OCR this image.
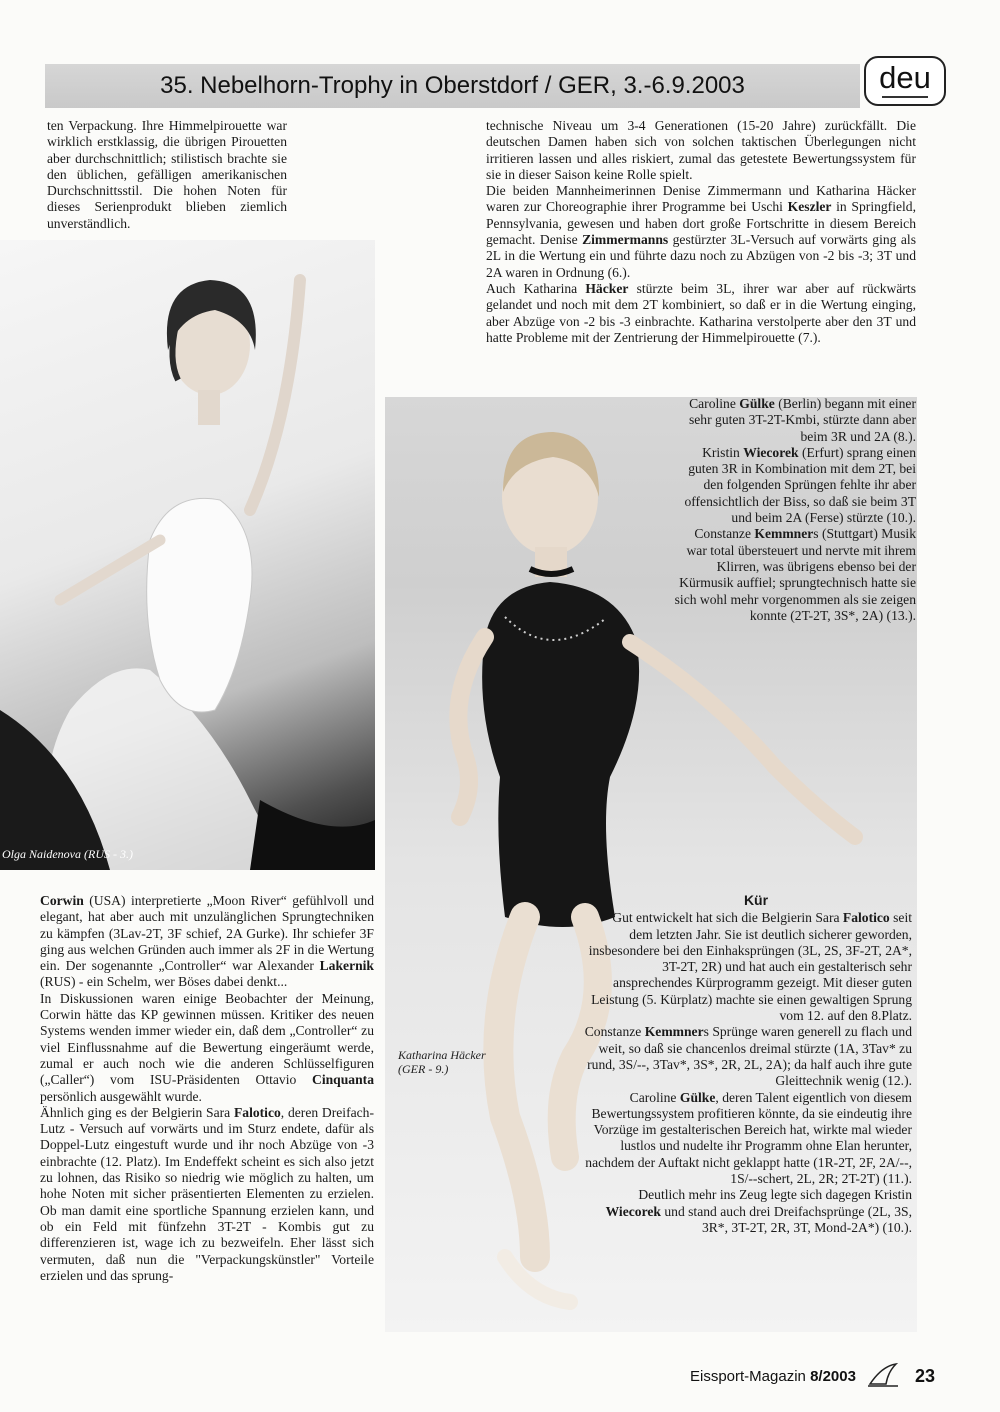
35. Nebelhorn-Trophy in Oberstdorf / GER, 3.-6.9.2003	deu
Olga Naidenova (RUS - 3.)
Katharina Häcker (GER - 9.)

ten Verpackung. Ihre Himmelpirouette war wirklich erstklassig, die übrigen Pirouetten aber durchschnittlich; stilistisch brachte sie den üblichen, gefälligen amerikanischen Durchschnittsstil. Die hohen Noten für dieses Serienprodukt blieben ziemlich unverständlich.

technische Niveau um 3-4 Generationen (15-20 Jahre) zurückfällt. Die deutschen Damen haben sich von solchen taktischen Überlegungen nicht irritieren lassen und alles riskiert, zumal das getestete Bewertungssystem für sie in dieser Saison keine Rolle spielt.

Die beiden Mannheimerinnen Denise Zimmermann und Katharina Häcker waren zur Choreographie ihrer Programme bei Uschi Keszler in Springfield, Pennsylvania, gewesen und haben dort große Fortschritte in diesem Bereich gemacht. Denise Zimmermanns gestürzter 3L-Versuch auf vorwärts ging als 2L in die Wertung ein und führte dazu noch zu Abzügen von -2 bis -3; 3T und 2A waren in Ordnung (6.).

Auch Katharina Häcker stürzte beim 3L, ihrer war aber auf rückwärts gelandet und noch mit dem 2T kombiniert, so daß er in die Wertung einging, aber Abzüge von -2 bis -3 einbrachte. Katharina verstolperte aber den 3T und hatte Probleme mit der Zentrierung der Himmelpirouette (7.).

Caroline Gülke (Berlin) begann mit einer sehr guten 3T-2T-Kmbi, stürzte dann aber beim 3R und 2A (8.).

Kristin Wiecorek (Erfurt) sprang einen guten 3R in Kombination mit dem 2T, bei den folgenden Sprüngen fehlte ihr aber offensichtlich der Biss, so daß sie beim 3T und beim 2A (Ferse) stürzte (10.).

Constanze Kemmners (Stuttgart) Musik war total übersteuert und nervte mit ihrem Klirren, was übrigens ebenso bei der Kürmusik auffiel; sprungtechnisch hatte sie sich wohl mehr vorgenommen als sie zeigen konnte (2T-2T, 3S*, 2A) (13.).

Corwin (USA) interpretierte „Moon River“ gefühlvoll und elegant, hat aber auch mit unzulänglichen Sprungtechniken zu kämpfen (3Lav-2T, 3F schief, 2A Gurke). Ihr schiefer 3F ging aus welchen Gründen auch immer als 2F in die Wertung ein. Der sogenannte „Controller“ war Alexander Lakernik (RUS) - ein Schelm, wer Böses dabei denkt...

In Diskussionen waren einige Beobachter der Meinung, Corwin hätte das KP gewinnen müssen. Kritiker des neuen Systems wenden immer wieder ein, daß dem „Controller“ zu viel Einflussnahme auf die Bewertung eingeräumt werde, zumal er auch noch wie die anderen Schlüsselfiguren („Caller“) vom ISU-Präsidenten Ottavio Cinquanta persönlich ausgewählt wurde.

Ähnlich ging es der Belgierin Sara Falotico, deren Dreifach-Lutz - Versuch auf vorwärts und im Sturz endete, dafür als Doppel-Lutz eingestuft wurde und ihr noch Abzüge von -3 einbrachte (12. Platz). Im Endeffekt scheint es sich also jetzt zu lohnen, das Risiko so niedrig wie möglich zu halten, um hohe Noten mit sicher präsentierten Elementen zu erzielen. Ob man damit eine sportliche Spannung erzielen kann, und ob ein Feld mit fünfzehn 3T-2T - Kombis gut zu differenzieren ist, wage ich zu bezweifeln. Eher lässt sich vermuten, daß nun die "Verpackungskünstler" Vorteile erzielen und das sprung-

Kür

Gut entwickelt hat sich die Belgierin Sara Falotico seit dem letzten Jahr. Sie ist deutlich sicherer geworden, insbesondere bei den Einhaksprüngen (3L, 2S, 3F-2T, 2A*, 3T-2T, 2R) und hat auch ein gestalterisch sehr ansprechendes Kürprogramm gezeigt. Mit dieser guten Leistung (5. Kürplatz) machte sie einen gewaltigen Sprung vom 12. auf den 8.Platz.

Constanze Kemmners Sprünge waren generell zu flach und weit, so daß sie chancenlos dreimal stürzte (1A, 3Tav* zu rund, 3S/--, 3Tav*, 3S*, 2R, 2L, 2A); da half auch ihre gute Gleittechnik wenig (12.).

Caroline Gülke, deren Talent eigentlich von diesem Bewertungssystem profitieren könnte, da sie eindeutig ihre Vorzüge im gestalterischen Bereich hat, wirkte mal wieder lustlos und nudelte ihr Programm ohne Elan herunter, nachdem der Auftakt nicht geklappt hatte (1R-2T, 2F, 2A/--, 1S/--schert, 2L, 2R; 2T-2T) (11.).

Deutlich mehr ins Zeug legte sich dagegen Kristin Wiecorek und stand auch drei Dreifachsprünge (2L, 3S, 3R*, 3T-2T, 2R, 3T, Mond-2A*) (10.).

Eissport-Magazin 8/2003	23
